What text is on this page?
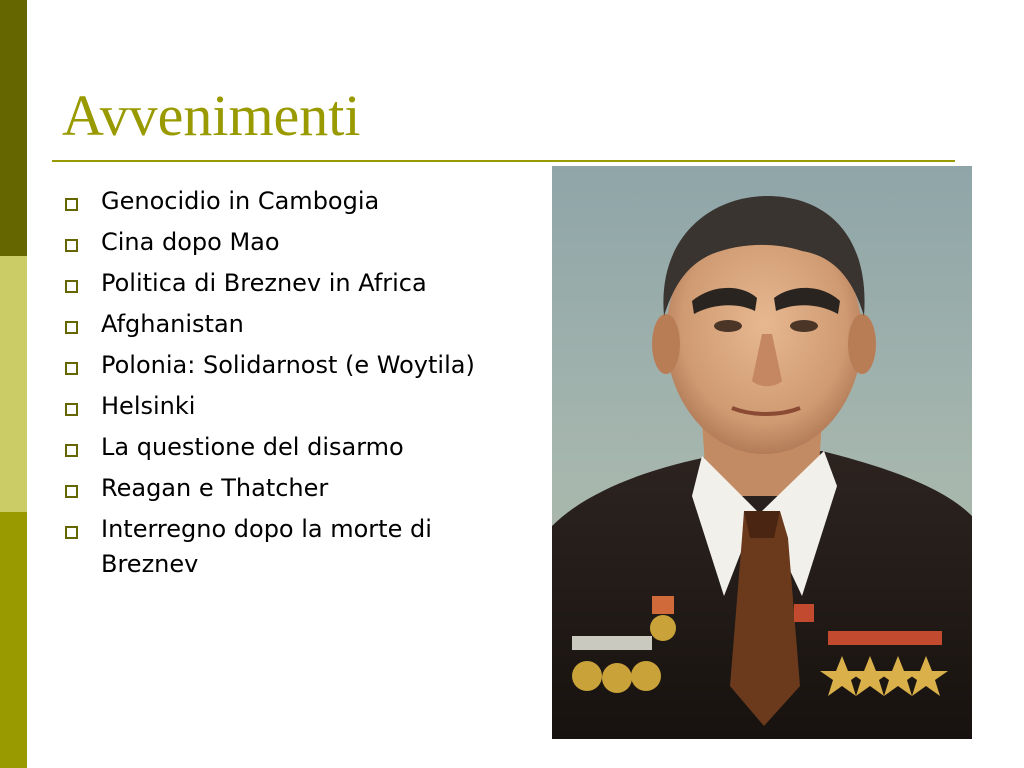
Avvenimenti
Genocidio in Cambogia
Cina dopo Mao
Politica di Breznev in Africa
Afghanistan
Polonia: Solidarnost (e Woytila)
Helsinki
La questione del disarmo
Reagan e Thatcher
Interregno dopo la morte di Breznev
